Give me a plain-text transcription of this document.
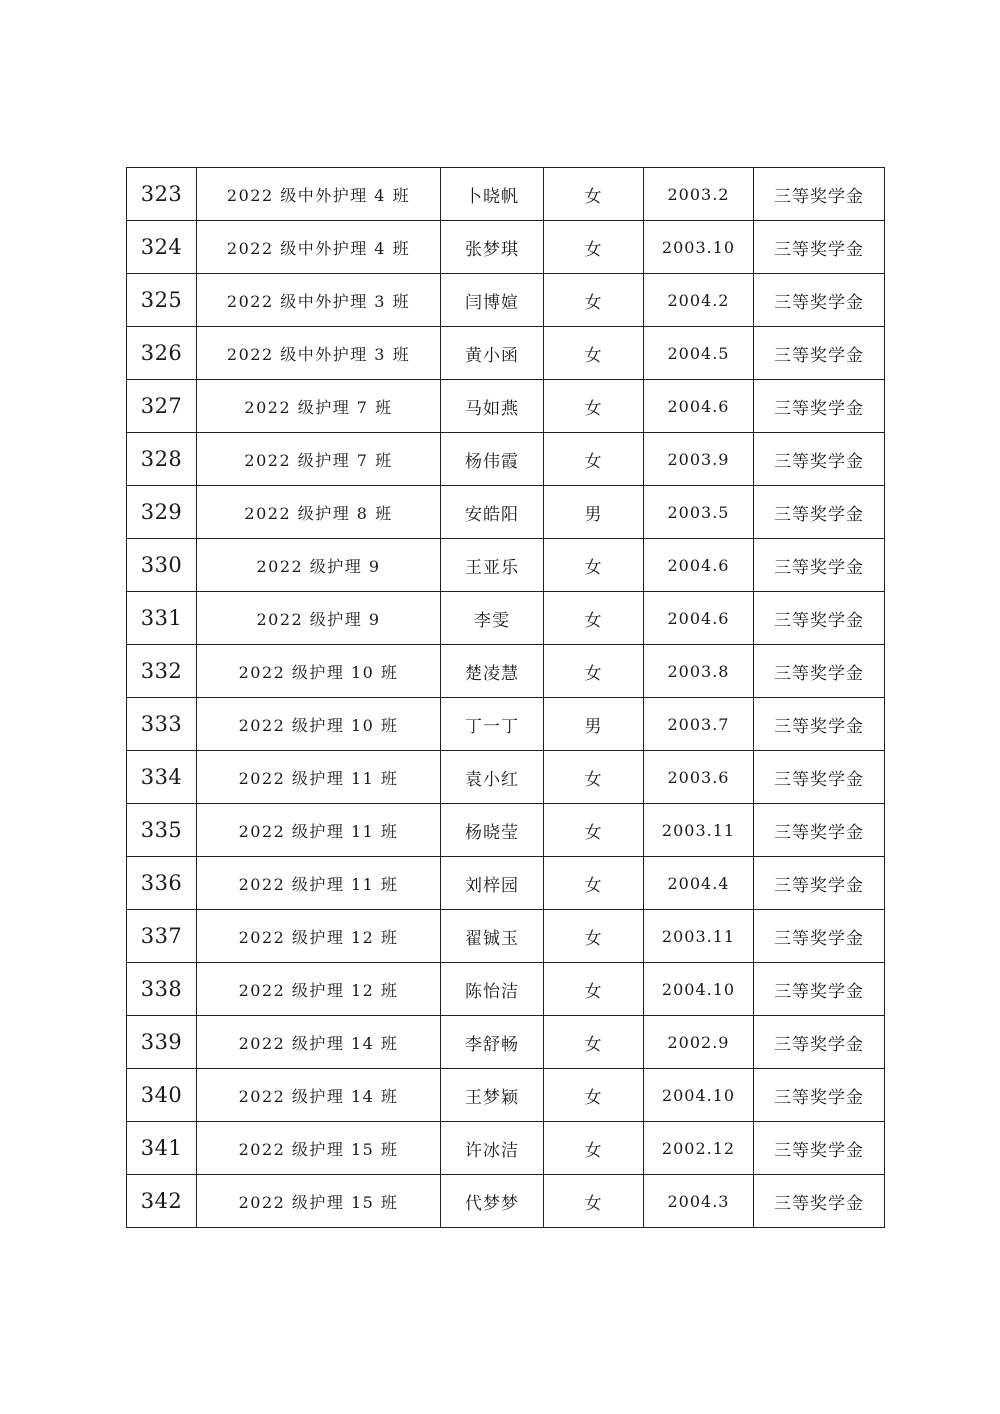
323	2022 级中外护理 4 班	卜晓帆	女	2003.2	三等奖学金
324	2022 级中外护理 4 班	张梦琪	女	2003.10	三等奖学金
325	2022 级中外护理 3 班	闫博媗	女	2004.2	三等奖学金
326	2022 级中外护理 3 班	黄小函	女	2004.5	三等奖学金
327	2022 级护理 7 班	马如燕	女	2004.6	三等奖学金
328	2022 级护理 7 班	杨伟霞	女	2003.9	三等奖学金
329	2022 级护理 8 班	安皓阳	男	2003.5	三等奖学金
330	2022 级护理 9	王亚乐	女	2004.6	三等奖学金
331	2022 级护理 9	李雯	女	2004.6	三等奖学金
332	2022 级护理 10 班	楚凌慧	女	2003.8	三等奖学金
333	2022 级护理 10 班	丁一丁	男	2003.7	三等奖学金
334	2022 级护理 11 班	袁小红	女	2003.6	三等奖学金
335	2022 级护理 11 班	杨晓莹	女	2003.11	三等奖学金
336	2022 级护理 11 班	刘梓园	女	2004.4	三等奖学金
337	2022 级护理 12 班	翟铖玉	女	2003.11	三等奖学金
338	2022 级护理 12 班	陈怡洁	女	2004.10	三等奖学金
339	2022 级护理 14 班	李舒畅	女	2002.9	三等奖学金
340	2022 级护理 14 班	王梦颖	女	2004.10	三等奖学金
341	2022 级护理 15 班	许冰洁	女	2002.12	三等奖学金
342	2022 级护理 15 班	代梦梦	女	2004.3	三等奖学金
